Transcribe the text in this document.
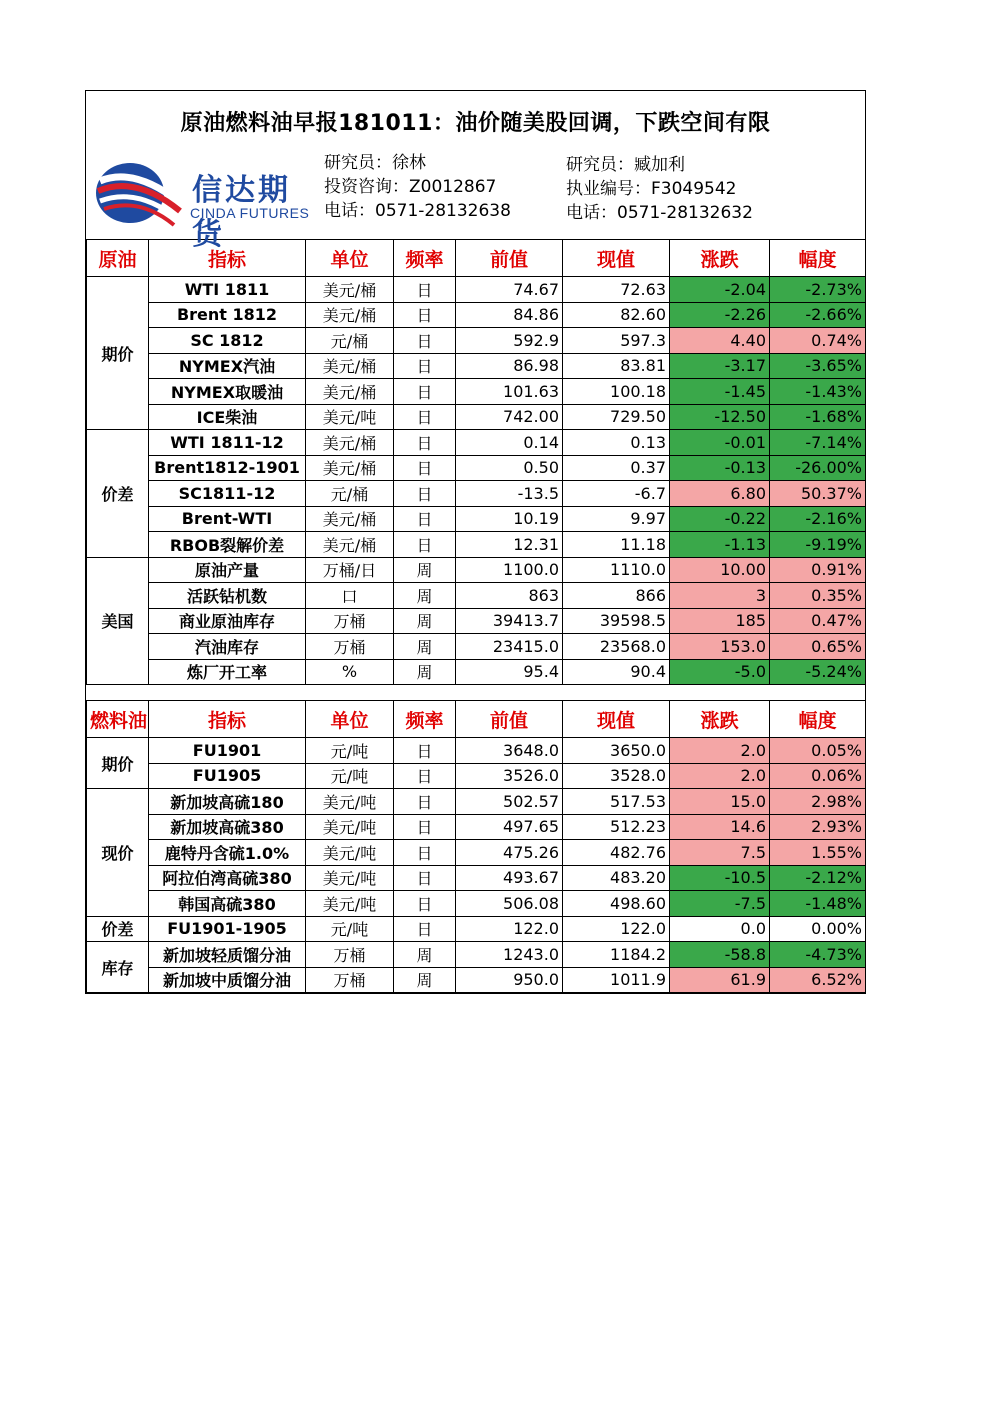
原油燃料油早报181011：油价随美股回调，下跌空间有限
信达期货
CINDA FUTURES
研究员：徐林
投资咨询：Z0012867
电话：0571-28132638
研究员：臧加利
执业编号：F3049542
电话：0571-28132632
原油	指标	单位	频率	前值	现值	涨跌	幅度
期价	WTI 1811	美元/桶	日	74.67	72.63	-2.04	-2.73%
	Brent 1812	美元/桶	日	84.86	82.60	-2.26	-2.66%
	SC 1812	元/桶	日	592.9	597.3	4.40	0.74%
	NYMEX汽油	美元/桶	日	86.98	83.81	-3.17	-3.65%
	NYMEX取暖油	美元/桶	日	101.63	100.18	-1.45	-1.43%
	ICE柴油	美元/吨	日	742.00	729.50	-12.50	-1.68%
价差	WTI 1811-12	美元/桶	日	0.14	0.13	-0.01	-7.14%
	Brent1812-1901	美元/桶	日	0.50	0.37	-0.13	-26.00%
	SC1811-12	元/桶	日	-13.5	-6.7	6.80	50.37%
	Brent-WTI	美元/桶	日	10.19	9.97	-0.22	-2.16%
	RBOB裂解价差	美元/桶	日	12.31	11.18	-1.13	-9.19%
美国	原油产量	万桶/日	周	1100.0	1110.0	10.00	0.91%
	活跃钻机数	口	周	863	866	3	0.35%
	商业原油库存	万桶	周	39413.7	39598.5	185	0.47%
	汽油库存	万桶	周	23415.0	23568.0	153.0	0.65%
	炼厂开工率	%	周	95.4	90.4	-5.0	-5.24%

燃料油	指标	单位	频率	前值	现值	涨跌	幅度
期价	FU1901	元/吨	日	3648.0	3650.0	2.0	0.05%
	FU1905	元/吨	日	3526.0	3528.0	2.0	0.06%
现价	新加坡高硫180	美元/吨	日	502.57	517.53	15.0	2.98%
	新加坡高硫380	美元/吨	日	497.65	512.23	14.6	2.93%
	鹿特丹含硫1.0%	美元/吨	日	475.26	482.76	7.5	1.55%
	阿拉伯湾高硫380	美元/吨	日	493.67	483.20	-10.5	-2.12%
	韩国高硫380	美元/吨	日	506.08	498.60	-7.5	-1.48%
价差	FU1901-1905	元/吨	日	122.0	122.0	0.0	0.00%
库存	新加坡轻质馏分油	万桶	周	1243.0	1184.2	-58.8	-4.73%
	新加坡中质馏分油	万桶	周	950.0	1011.9	61.9	6.52%
